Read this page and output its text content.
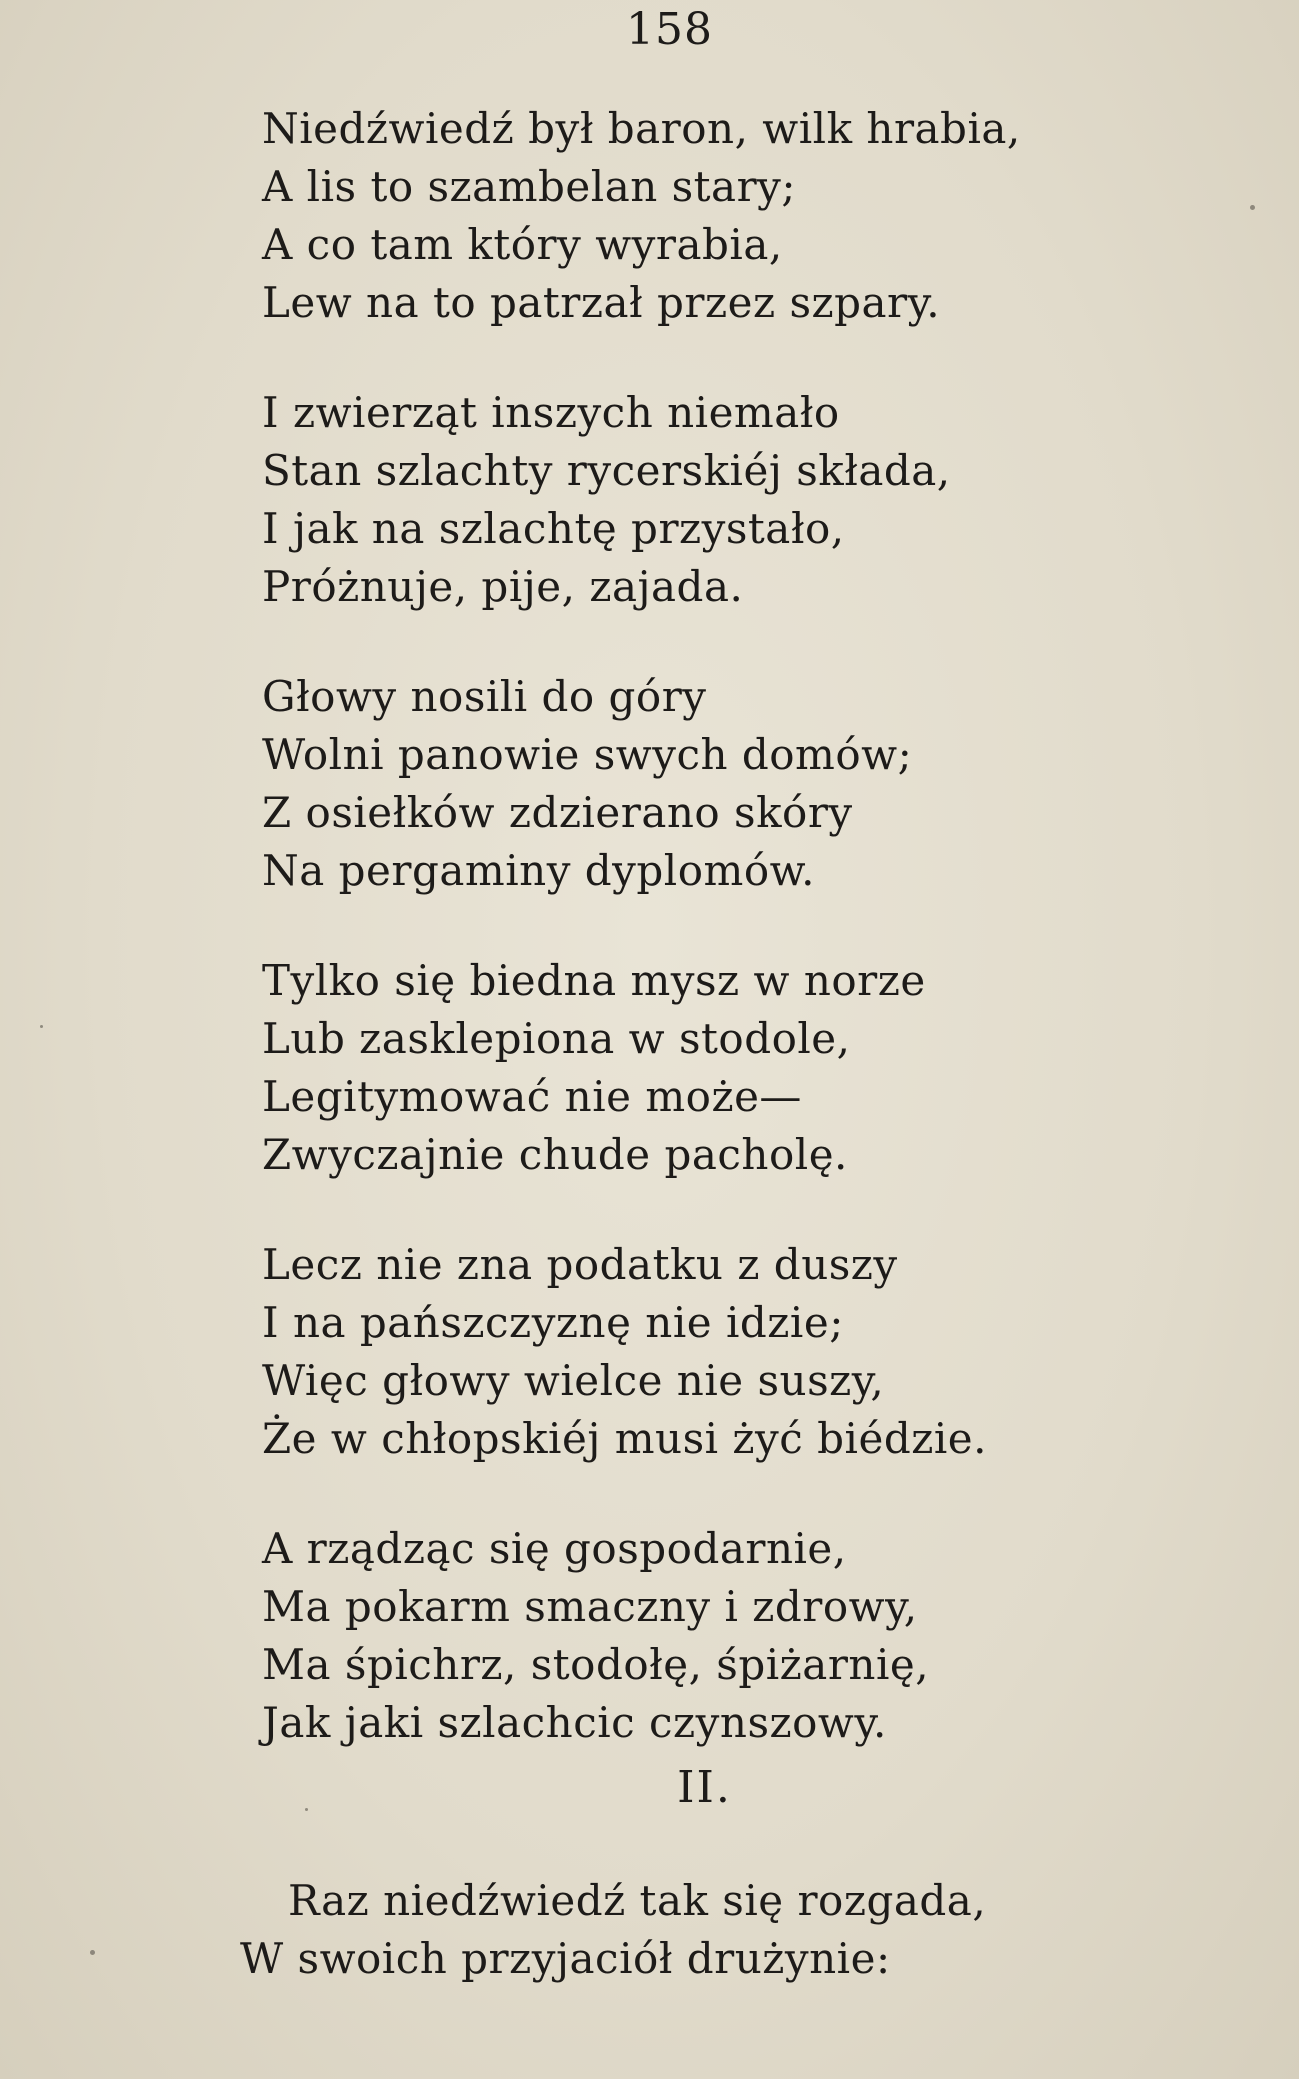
158
Niedźwiedź był baron, wilk hrabia,
A lis to szambelan stary;
A co tam który wyrabia,
Lew na to patrzał przez szpary.
I zwierząt inszych niemało
Stan szlachty rycerskiéj składa,
I jak na szlachtę przystało,
Próżnuje, pije, zajada.
Głowy nosili do góry
Wolni panowie swych domów;
Z osiełków zdzierano skóry
Na pergaminy dyplomów.
Tylko się biedna mysz w norze
Lub zasklepiona w stodole,
Legitymować nie może—
Zwyczajnie chude pacholę.
Lecz nie zna podatku z duszy
I na pańszczyznę nie idzie;
Więc głowy wielce nie suszy,
Że w chłopskiéj musi żyć biédzie.
A rządząc się gospodarnie,
Ma pokarm smaczny i zdrowy,
Ma śpichrz, stodołę, śpiżarnię,
Jak jaki szlachcic czynszowy.
II.
Raz niedźwiedź tak się rozgada,
W swoich przyjaciół drużynie:
